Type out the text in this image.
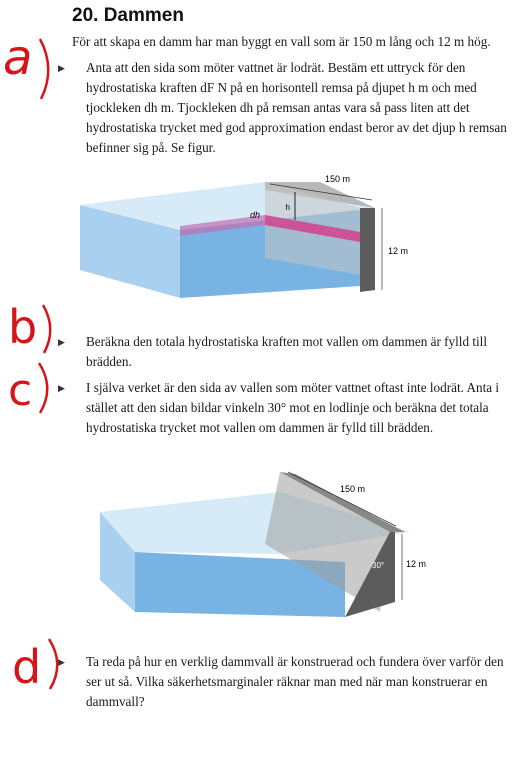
20. Dammen
För att skapa en damm har man byggt en vall som är 150 m lång och 12 m hög.

▶ Anta att den sida som möter vattnet är lodrät. Bestäm ett uttryck för den hydrostatiska kraften dF N på en horisontell remsa på djupet h m och med tjockleken dh m. Tjockleken dh på remsan antas vara så pass liten att det hydrostatiska trycket med god approximation endast beror av det djup h remsan befinner sig på. Se figur.

h
dh
150 m
12 m

▶ Beräkna den totala hydrostatiska kraften mot vallen om dammen är fylld till brädden.

▶ I själva verket är den sida av vallen som möter vattnet oftast inte lodrät. Anta i stället att den sidan bildar vinkeln 30° mot en lodlinje och beräkna det totala hydrostatiska trycket mot vallen om dammen är fylld till brädden.

30°
150 m
12 m

▶ Ta reda på hur en verklig dammvall är konstruerad och fundera över varför den ser ut så. Vilka säkerhetsmarginaler räknar man med när man konstruerar en dammvall?

a
b
c
d
